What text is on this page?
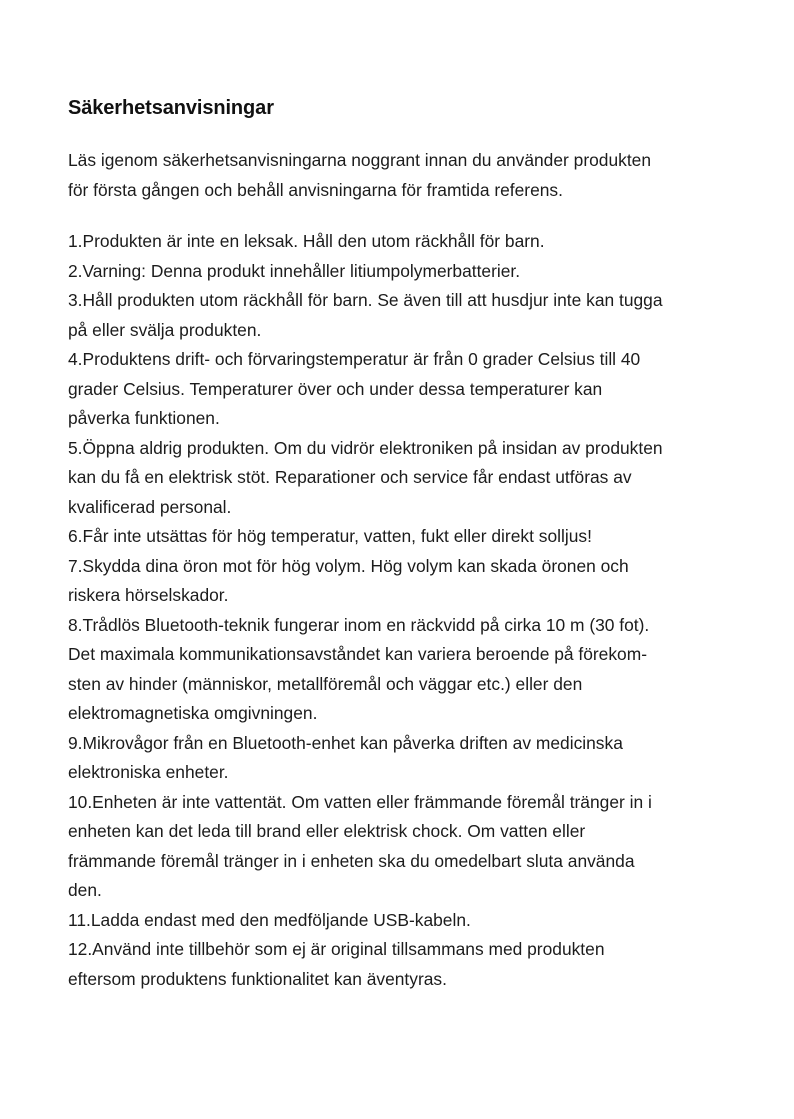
Säkerhetsanvisningar

Läs igenom säkerhetsanvisningarna noggrant innan du använder produkten
för första gången och behåll anvisningarna för framtida referens.

1.Produkten är inte en leksak. Håll den utom räckhåll för barn.
2.Varning: Denna produkt innehåller litiumpolymerbatterier.
3.Håll produkten utom räckhåll för barn. Se även till att husdjur inte kan tugga
på eller svälja produkten.
4.Produktens drift- och förvaringstemperatur är från 0 grader Celsius till 40
grader Celsius. Temperaturer över och under dessa temperaturer kan
påverka funktionen.
5.Öppna aldrig produkten. Om du vidrör elektroniken på insidan av produkten
kan du få en elektrisk stöt. Reparationer och service får endast utföras av
kvalificerad personal.
6.Får inte utsättas för hög temperatur, vatten, fukt eller direkt solljus!
7.Skydda dina öron mot för hög volym. Hög volym kan skada öronen och
riskera hörselskador.
8.Trådlös Bluetooth-teknik fungerar inom en räckvidd på cirka 10 m (30 fot).
Det maximala kommunikationsavståndet kan variera beroende på förekom-
sten av hinder (människor, metallföremål och väggar etc.) eller den
elektromagnetiska omgivningen.
9.Mikrovågor från en Bluetooth-enhet kan påverka driften av medicinska
elektroniska enheter.
10.Enheten är inte vattentät. Om vatten eller främmande föremål tränger in i
enheten kan det leda till brand eller elektrisk chock. Om vatten eller
främmande föremål tränger in i enheten ska du omedelbart sluta använda
den.
11.Ladda endast med den medföljande USB-kabeln.
12.Använd inte tillbehör som ej är original tillsammans med produkten
eftersom produktens funktionalitet kan äventyras.
